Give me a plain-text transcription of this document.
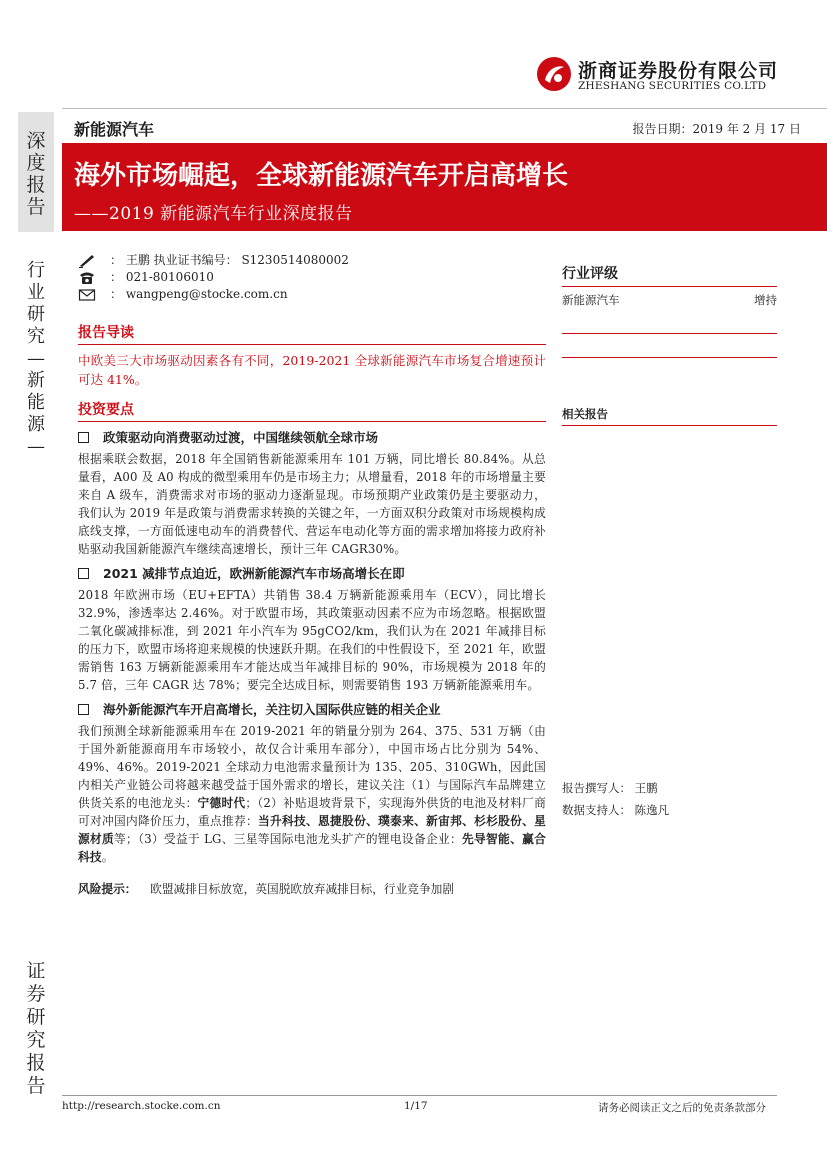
浙商证券股份有限公司
ZHESHANG SECURITIES CO.LTD
深
度
报
告
行
业
研
究
—
新
能
源
—
证
券
研
究
报
告
新能源汽车	报告日期：2019 年 2 月 17 日
海外市场崛起，全球新能源汽车开启高增长
——2019 新能源汽车行业深度报告
： 王鹏 执业证书编号： S1230514080002
： 021-80106010
： wangpeng@stocke.com.cn
报告导读

中欧美三大市场驱动因素各有不同，2019-2021 全球新能源汽车市场复合增速预计可达 41%。

投资要点
政策驱动向消费驱动过渡，中国继续领航全球市场

根据乘联会数据，2018 年全国销售新能源乘用车 101 万辆，同比增长 80.84%。从总量看，A00 及 A0 构成的微型乘用车仍是市场主力；从增量看，2018 年的市场增量主要来自 A 级车，消费需求对市场的驱动力逐渐显现。市场预期产业政策仍是主要驱动力，我们认为 2019 年是政策与消费需求转换的关键之年，一方面双积分政策对市场规模构成底线支撑，一方面低速电动车的消费替代、营运车电动化等方面的需求增加将接力政府补贴驱动我国新能源汽车继续高速增长，预计三年 CAGR30%。

2021 减排节点迫近，欧洲新能源汽车市场高增长在即

2018 年欧洲市场（EU+EFTA）共销售 38.4 万辆新能源乘用车（ECV），同比增长 32.9%，渗透率达 2.46%。对于欧盟市场，其政策驱动因素不应为市场忽略。根据欧盟二氧化碳减排标准，到 2021 年小汽车为 95gCO2/km，我们认为在 2021 年减排目标的压力下，欧盟市场将迎来规模的快速跃升期。在我们的中性假设下，至 2021 年，欧盟需销售 163 万辆新能源乘用车才能达成当年减排目标的 90%，市场规模为 2018 年的 5.7 倍，三年 CAGR 达 78%；要完全达成目标，则需要销售 193 万辆新能源乘用车。

海外新能源汽车开启高增长，关注切入国际供应链的相关企业

我们预测全球新能源乘用车在 2019-2021 年的销量分别为 264、375、531 万辆（由于国外新能源商用车市场较小，故仅合计乘用车部分），中国市场占比分别为 54%、49%、46%。2019-2021 全球动力电池需求量预计为 135、205、310GWh，因此国内相关产业链公司将越来越受益于国外需求的增长，建议关注（1）与国际汽车品牌建立供货关系的电池龙头：宁德时代；（2）补贴退坡背景下，实现海外供货的电池及材料厂商可对冲国内降价压力，重点推荐：当升科技、恩捷股份、璞泰来、新宙邦、杉杉股份、星源材质等；（3）受益于 LG、三星等国际电池龙头扩产的锂电设备企业：先导智能、赢合科技。

风险提示： 欧盟减排目标放宽，英国脱欧放弃减排目标，行业竞争加剧
行业评级
新能源汽车	增持
相关报告
报告撰写人： 王鹏
数据支持人： 陈逸凡
http://research.stocke.com.cn	1/17	请务必阅读正文之后的免责条款部分
